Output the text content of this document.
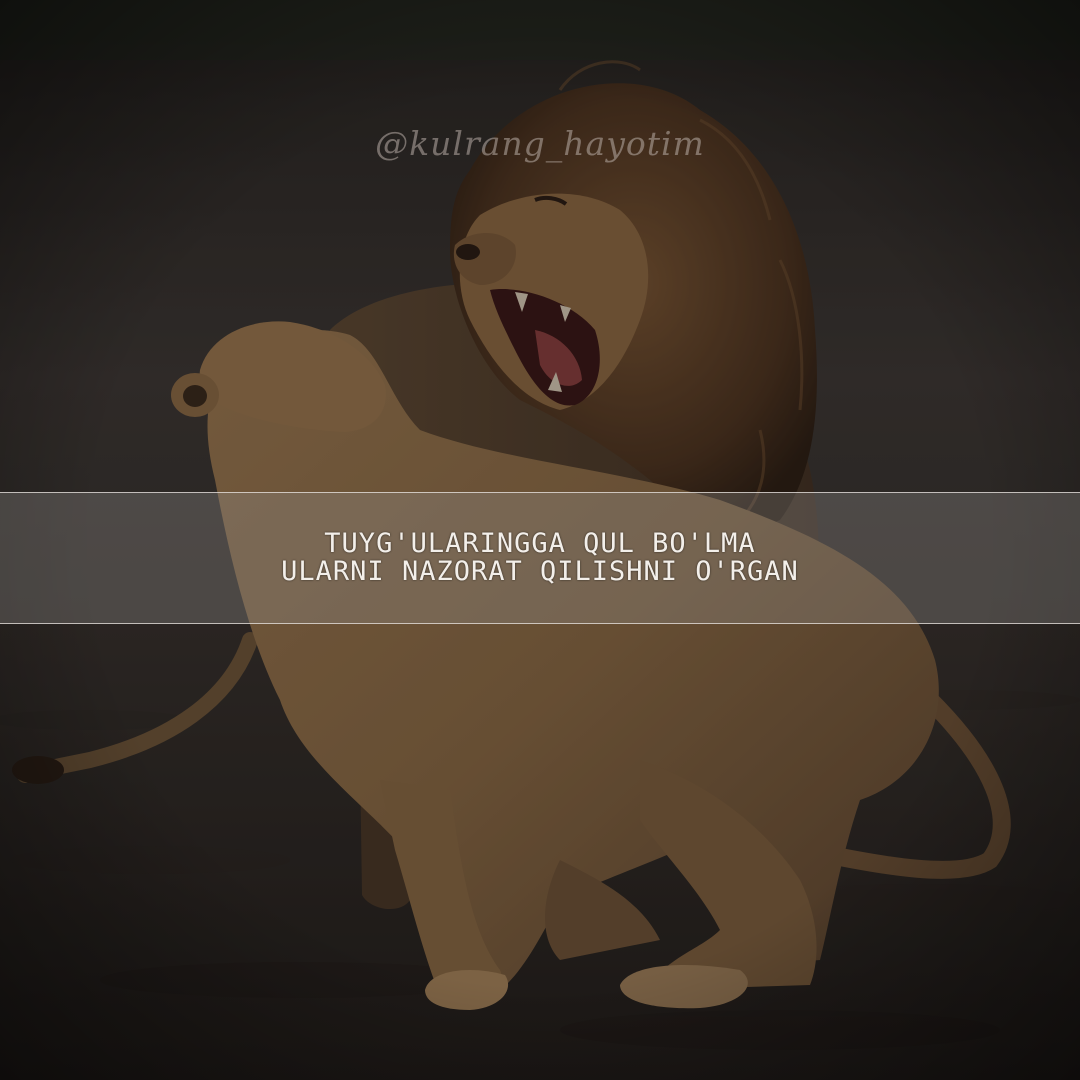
@kulrang_hayotim
TUYG'ULARINGGA QUL BO'LMA
ULARNI NAZORAT QILISHNI O'RGAN
